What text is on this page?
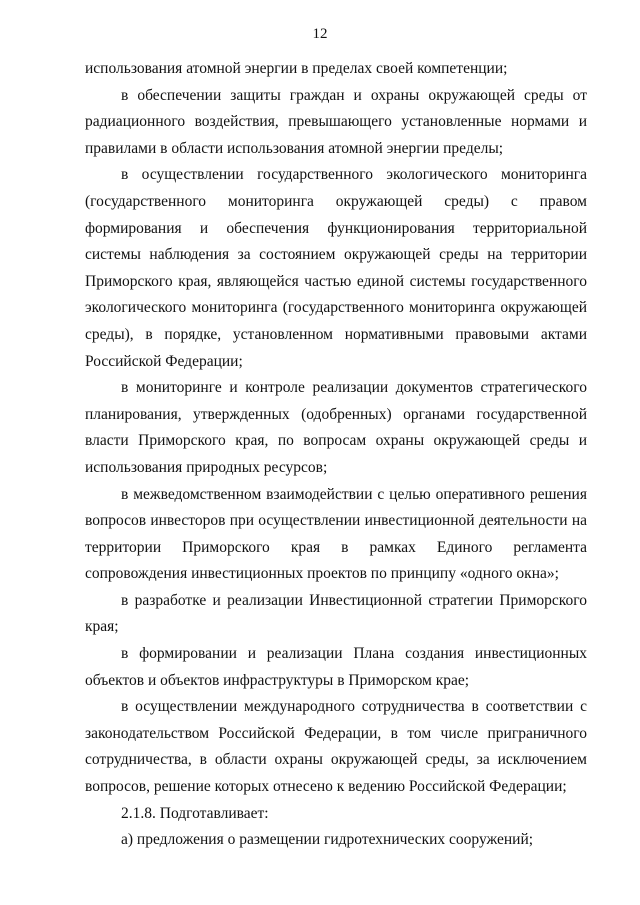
12

использования атомной энергии в пределах своей компетенции;

в обеспечении защиты граждан и охраны окружающей среды от радиационного воздействия, превышающего установленные нормами и правилами в области использования атомной энергии пределы;

в осуществлении государственного экологического мониторинга (государственного мониторинга окружающей среды) с правом формирования и обеспечения функционирования территориальной системы наблюдения за состоянием окружающей среды на территории Приморского края, являющейся частью единой системы государственного экологического мониторинга (государственного мониторинга окружающей среды), в порядке, установленном нормативными правовыми актами Российской Федерации;

в мониторинге и контроле реализации документов стратегического планирования, утвержденных (одобренных) органами государственной власти Приморского края, по вопросам охраны окружающей среды и использования природных ресурсов;

в межведомственном взаимодействии с целью оперативного решения вопросов инвесторов при осуществлении инвестиционной деятельности на территории Приморского края в рамках Единого регламента сопровождения инвестиционных проектов по принципу «одного окна»;

в разработке и реализации Инвестиционной стратегии Приморского края;

в формировании и реализации Плана создания инвестиционных объектов и объектов инфраструктуры в Приморском крае;

в осуществлении международного сотрудничества в соответствии с законодательством Российской Федерации, в том числе приграничного сотрудничества, в области охраны окружающей среды, за исключением вопросов, решение которых отнесено к ведению Российской Федерации;

2.1.8. Подготавливает:

а) предложения о размещении гидротехнических сооружений;
